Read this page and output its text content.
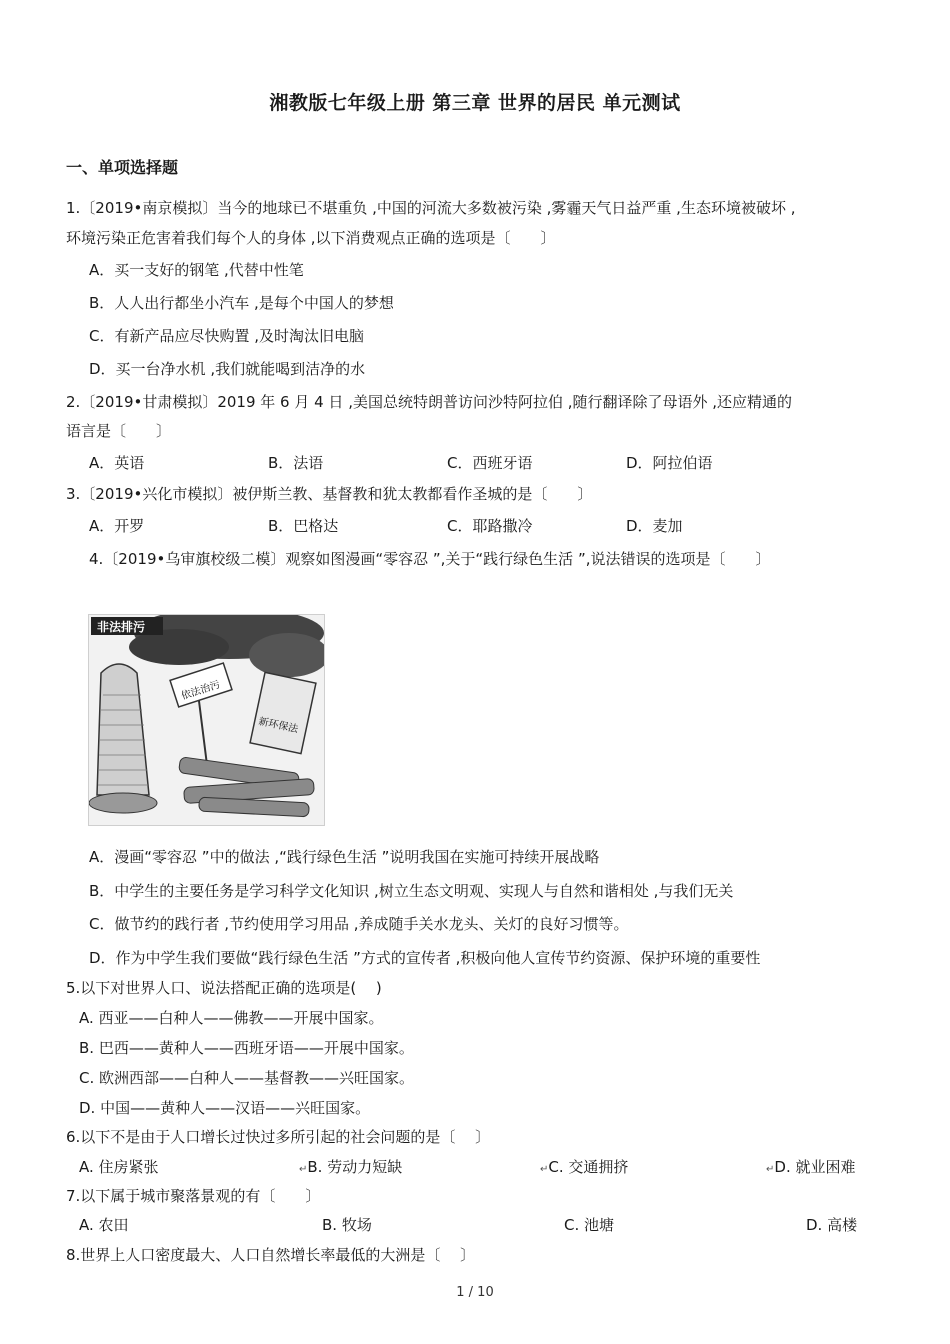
湘教版七年级上册 第三章 世界的居民 单元测试
一、单项选择题
1.〔2019•南京模拟〕当今的地球已不堪重负 ,中国的河流大多数被污染 ,雾霾天气日益严重 ,生态环境被破坏 ,
环境污染正危害着我们每个人的身体 ,以下消费观点正确的选项是〔　　〕
A．买一支好的钢笔 ,代替中性笔
B．人人出行都坐小汽车 ,是每个中国人的梦想
C．有新产品应尽快购置 ,及时淘汰旧电脑
D．买一台净水机 ,我们就能喝到洁净的水
2.〔2019•甘肃模拟〕2019 年 6 月 4 日 ,美国总统特朗普访问沙特阿拉伯 ,随行翻译除了母语外 ,还应精通的
语言是〔　　〕
A．英语	B．法语	C．西班牙语	D．阿拉伯语
3.〔2019•兴化市模拟〕被伊斯兰教、基督教和犹太教都看作圣城的是〔　　〕
A．开罗	B．巴格达	C．耶路撒冷	D．麦加
4.〔2019•乌审旗校级二模〕观察如图漫画“零容忍 ”,关于“践行绿色生活 ”,说法错误的选项是〔　　〕
非法排污
依法治污
新环保法
A．漫画“零容忍 ”中的做法 ,“践行绿色生活 ”说明我国在实施可持续开展战略
B．中学生的主要任务是学习科学文化知识 ,树立生态文明观、实现人与自然和谐相处 ,与我们无关
C．做节约的践行者 ,节约使用学习用品 ,养成随手关水龙头、关灯的良好习惯等。
D．作为中学生我们要做“践行绿色生活 ”方式的宣传者 ,积极向他人宣传节约资源、保护环境的重要性
5.以下对世界人口、说法搭配正确的选项是(　 )
A. 西亚——白种人——佛教——开展中国家。
B. 巴西——黄种人——西班牙语——开展中国家。
C. 欧洲西部——白种人——基督教——兴旺国家。
D. 中国——黄种人——汉语——兴旺国家。
6.以下不是由于人口增长过快过多所引起的社会问题的是〔　 〕
A. 住房紧张	↵B. 劳动力短缺	↵C. 交通拥挤	↵D. 就业困难
7.以下属于城市聚落景观的有〔　　〕
A. 农田	B. 牧场	C. 池塘	D. 高楼
8.世界上人口密度最大、人口自然增长率最低的大洲是〔　 〕
1 / 10
